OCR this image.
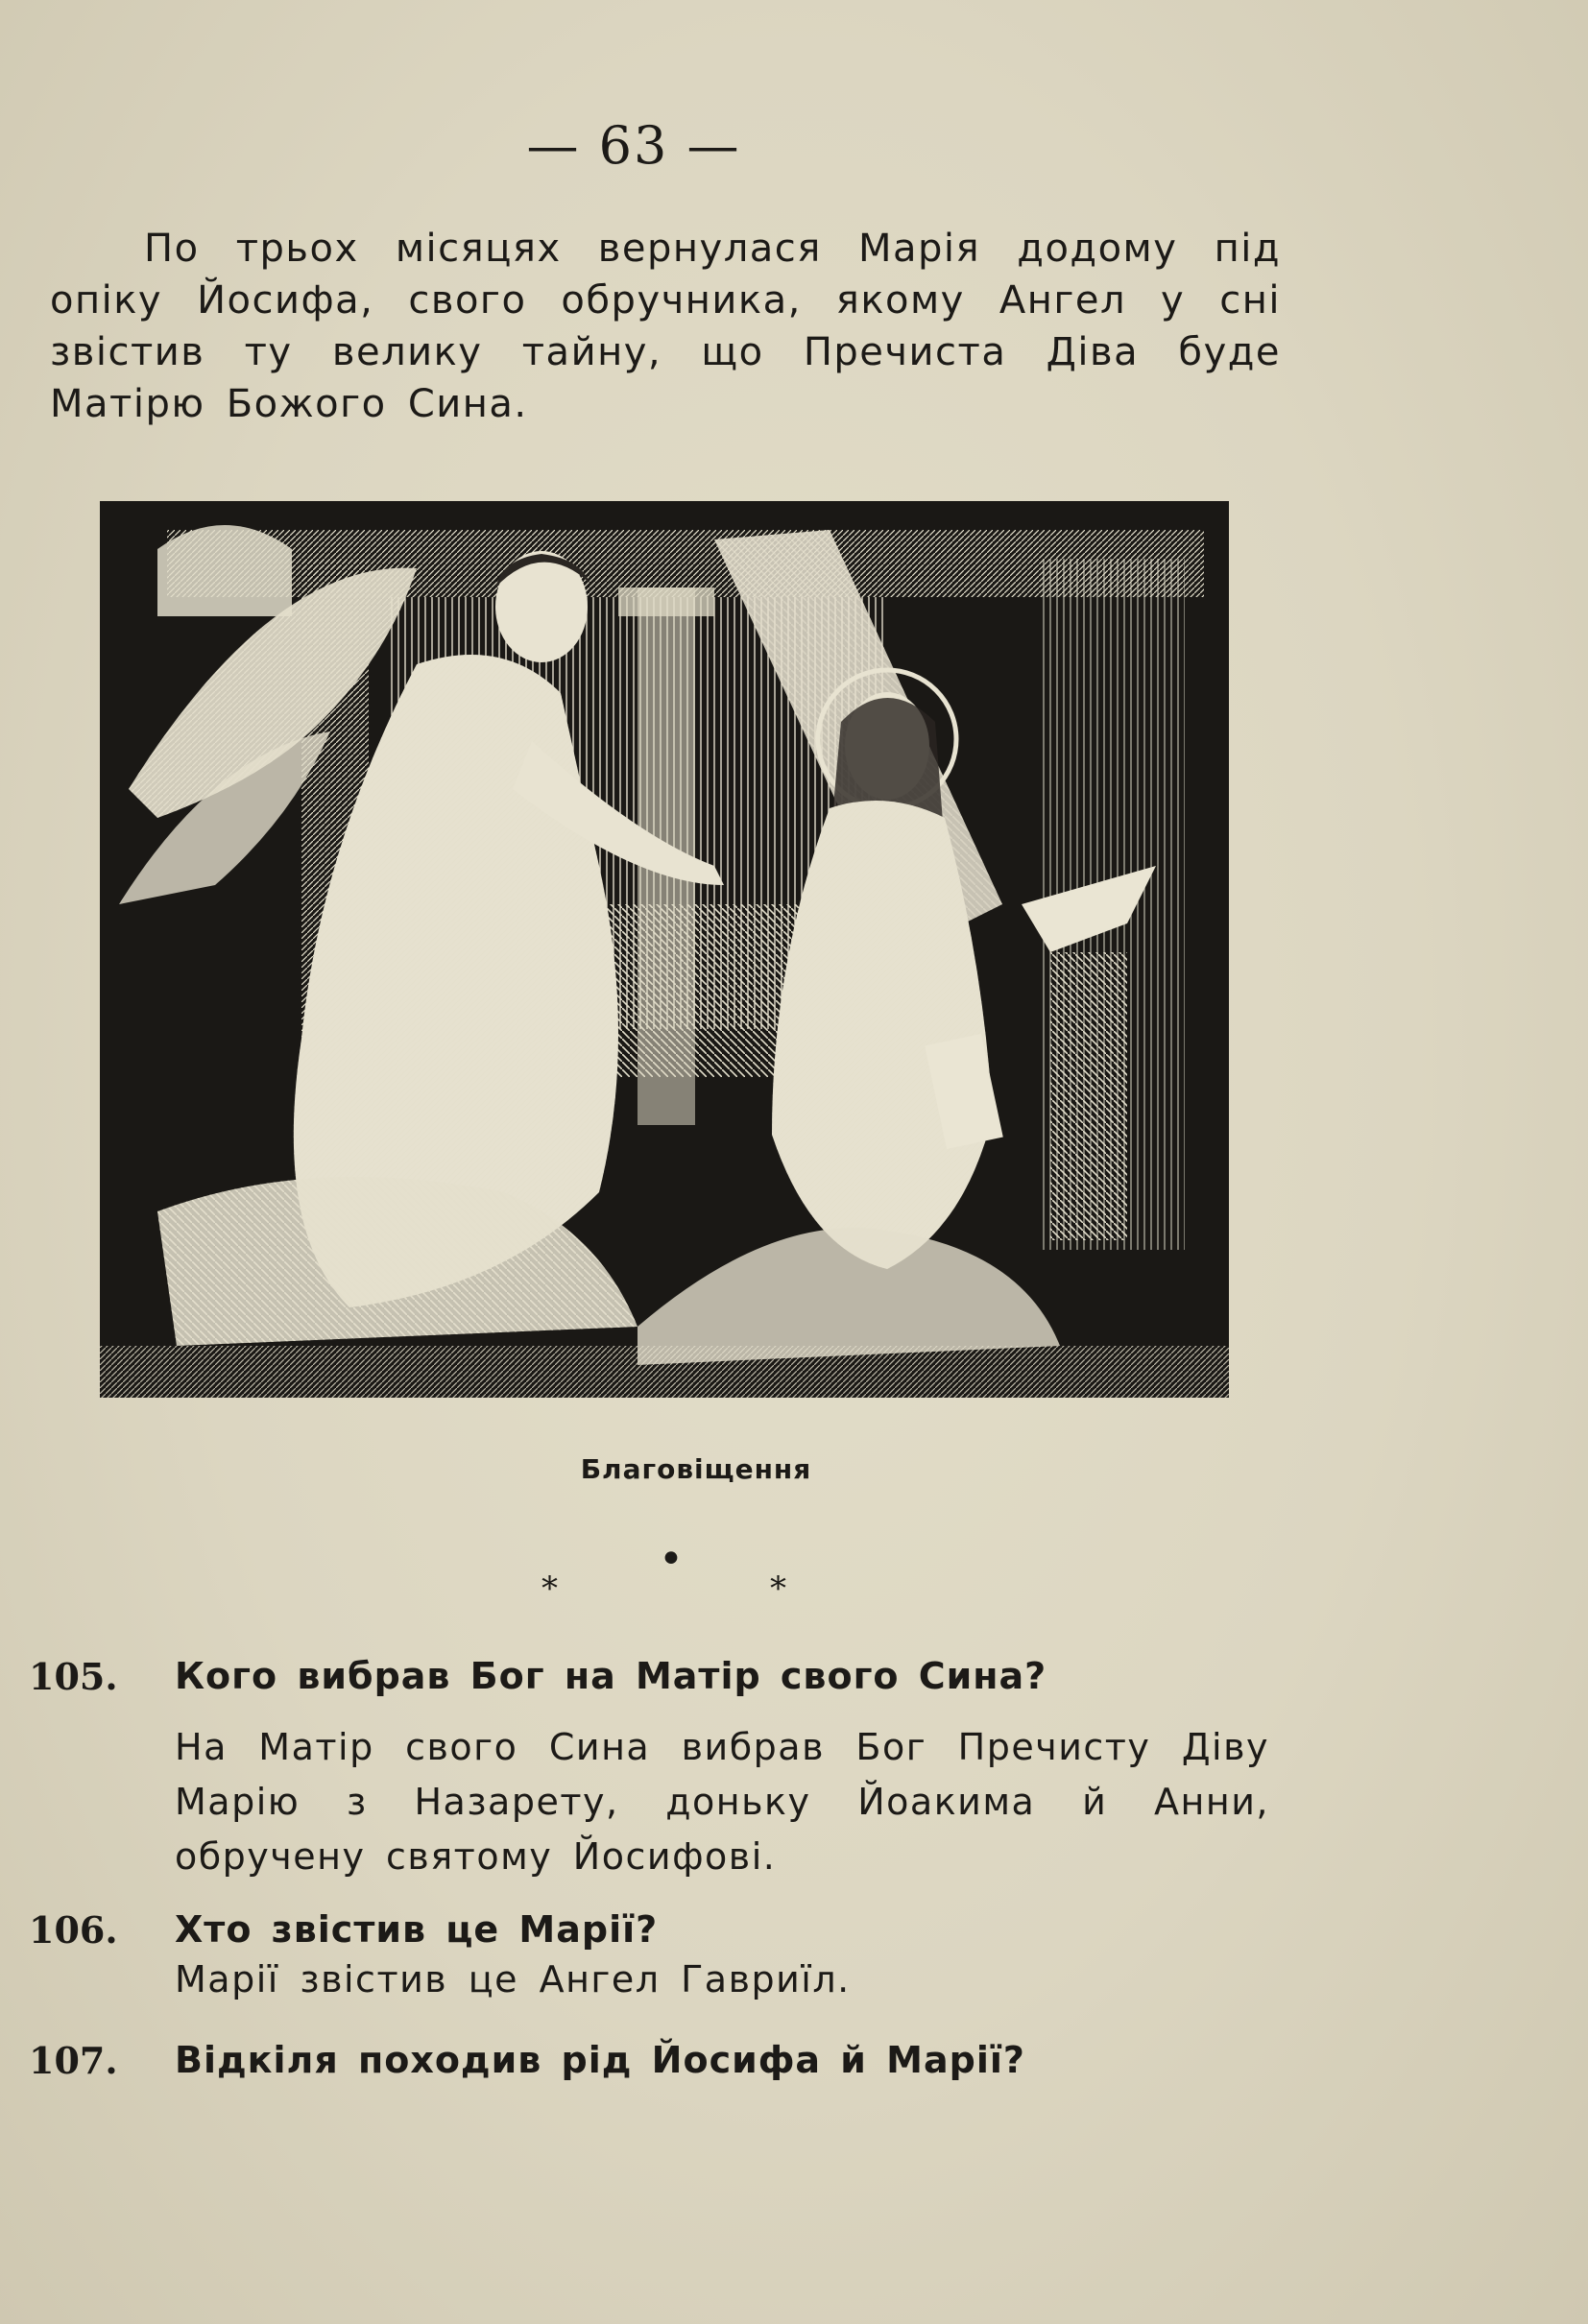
— 63 —

По трьох місяцях вернулася Марія додому під опіку Йосифа, свого обручника, якому Ангел у сні звістив ту велику тайну, що Пречиста Діва буде Матірю Божого Сина.

Благовіщення
*
•
*
105. Кого вибрав Бог на Матір свого Сина?

На Матір свого Сина вибрав Бог Пречисту Діву Марію з Назарету, доньку Йоакима й Анни, обручену святому Йосифові.

106. Хто звістив це Марії?

Марії звістив це Ангел Гавриїл.

107. Відкіля походив рід Йосифа й Марії?
